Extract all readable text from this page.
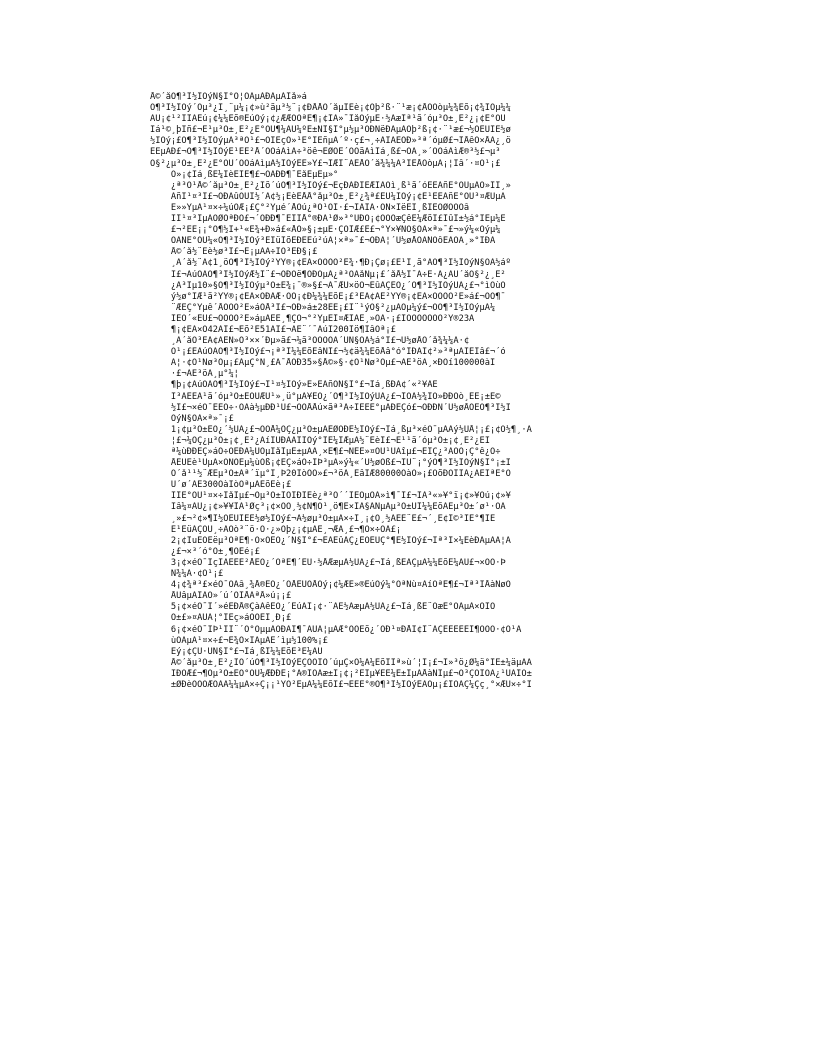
Å©´åÓ¶³Ì½ÌÓýÑ§Ï°Ó¦ÓÃµÄÐÀµÄÌå»á
Ó¶³Ì½ÌÓý´Óµ³¿Î¸¨µ¼¡¢»ù²ãµ³½¨¡¢ÐÅÅÓ´åµÌÉè¡¢Õþ²ß·¨¹æ¡¢ÅÓÖòµ¼¾Ëõ¡¢¾ÍÒµ¼¼
ÄÜ¡¢¹²ÎÌÀÉú¡¢¼¼Êõ®ÈúÓý¡¢¿ÆÆÕÖªÊ¶¡¢ÎÄ»¯ÌåÓýµÈ·½ÃæÌª¹ã´óµ³Ô±¸É²¿¡¢È°ÔÚ
Ìá¹©¸þÎñ£¬Ê¹µ³Ô±¸É²¿È°ÔÚ¶¼ÄÜ¼ºÊ±ÑÎ§Ï°µ½µ³ÖÐÑëÐÂµÄÕþ²ß¡¢·¨¹æ£¬½ÓÊÜÌÈ½ø
½ÌÓý¡£Ô¶³Ì½ÌÓýµÄ³ªÕ¹£¬ÓÌÈçÒ»¹É°ÍÊñµÄ´º·ç£¬¸÷ÀÏÀÈÔÐ»³ª´óµØ£¬ÎÅêÓ×ÅÂ¿¸ö
ÈËµÄÐ£¬Ô¶³Ì½ÌÓýÊ¹ÈÊ²Å´ÓÖáÀìÁ÷³öê¬ÈØÖÈ´ÖÕãÀìÌá¸ß£¬ÓÂ¸»´ÓÖáÀìÆ®³½£¬µ³
Ö§²¿µ³Ô±¸É²¿È°ÔÚ´ÓÖáÀìµÄ½ÌÓýÈÈ»Ý£¬ÎÆÍ¨ÀÉÅÔ´å¾¼¼Ã³ÍÈÅÖòµÄ¡¦Ìâ´·¤Ò¹¡£
Õ»¡¢Ìá¸ßÈ¼ÏèÈÏÊ¶£¬ÓÃÐÐ¶¯ÊåÊµÈµ»°
¿ª³Ò¹Å©´åµ³Ô±¸É²¿Ïõ´úÔ¶³Ì½ÌÓý£¬ËçÐÀÐÎÊÆÏÂÔì¸ß¹ã´óÈËÃñË°ÖÜµÄÒ»ÏÎ¸»
ÃñÌ¹¤³Ì£¬ÓÐÀûÓÚÎ½´Â¢½¡ÊèÈÅÅ°åµ³Ô±¸É²¿¾ª£ÈÜ¼ÌÓý¡¢Ê¹ÈËÃñÈ°ÔÚ³¤ÆÙµÄ
Ê»»ÝµÄ¹¤×÷¼úÓÆ¡£Ç°²Ýµé´ÅÓú¿ªÓ¹ÔÌ·£¬ÎÃÎÃ·ÓÑ×ÌëÈÌ¸ßÎÈÖØÕÔÕâ
ÌÌ¹¤³ÌµÄÖØÒªÐÔ£¬´ÓÐÐ¶¯ÉÏÏÅ°®ÐÀ¹Ø»³°ÙÐÕ¡¢ÔÕÔæÇêÈ¼ÆõÌ£ÌûÌ±½á°ÌÈµ¼Ê
£¬²ÊÈ¡¡°Ó¶½Ì+¹«È¾+Ð»á£«ÅÓ»§¡±µÈ·ÇÕÌÆ£Ê£¬°Ý×¥ÑÖ§ÓÀ×ª»¯£¬»ý¼«Óýµ¼
ÕÃÑÈ°ÔÚ¼«Ó¶³Ì½ÌÓý³ÉÏüÏõÈÐÊÉú²úÁ¦×ª»¯£¬ÓÐÂ¦´Ù½øÅÔÄÑÕôÈÃÖÁ¸»°ÌÐÀ
Å©´å½¨Éè½ø³Ì£¬Ê¡µÃÃ÷ÌÖ³ÈÐ§¡£
¸Ã´å½¨Ã¢1¸öÓ¶³Ì½ÌÓý²ÝÝ®¡¢ÊÃ×ÓÕÖÓ²Ê¾·¶Ð¡Çø¡£Ê¹Ï¸ã°ÃÓ¶³Ì½ÌÓýÑ§ÓÃ½áº
Ï£¬ÀúÓÃÔ¶³Ì½ÌÓýÆ½Ì¨£¬ÓÐÕë¶ÔÐÔµÄ¿ª³ÕÀåÑµ¡£´åÅ½Î¯Ã÷È·Ã¿ÃÚ´åÖ§²¿¸É²
¿Ã³Ïµ10»§Ó¶³Ì½ÌÓýµ³Ô±È¾¡¯®»§£¬Ä¯ÆÜ×öÕ¬ÈûÃÇÈÕ¿´Ó¶³Ì½ÌÓýÚÁ¿£¬°ìÓùÒ
ý½ø°ÌÆ¹ã²ÝÝ®¡¢ÊÃ×ÓÐÃÆ·ÖÓ¡¢Ð¼¾¼ÊõÈ¡£³ÊÁ¢ÀÊ²ÝÝ®¡¢ÊÃ×ÓÕÖÓ²Ê»á£¬ÔÕ¶¯
¨ÆÈÇ°Ýµê´ÅÕÖÓ²Ê»áÕÅ³Ì£¬ÓÐ»á±28ÈÈ¡£Í¨¹ýÖ§²¿µÄÓµ¼ý£¬ÔÕ¶³Ì½ÌÓýµÄ¼
ÎÈÖ´«ÊÚ£¬ÖÓÖÓ²Ê»áµÄÈÊ¸¶ÇÒ¬°²ÝµÈÌ¤ÆÍÀÈ¸»ÖÀ·¡£ÌÖÒÔÖÓÖÓ²Ý®23Ä
¶¡¢ÊÃ×Ó42ÀÌ£¬Êõ²È51ÀÌ£¬ÀÊ¨´¯ÀúÌ200Íö¶ÌâÓª¡£
¸Ã´åÓ³ÈÁ¢ÃÉÑ»Ö³××´Ðµ»ã£¬¼ã³ÖÕÕÓÄ´ÙÑ§ÓÃ½á°Ì£¬Ù½øÅÔ´å¾¼¼Ã·¢
Õ¹¡£ÈÀúÓÃÔ¶³Ì½ÌÓý£¬¡ª³Ï¼¼ÊõÊâÑÌ£¬½¢ä¾¼ÊõÅâ°ó°ÍÐÃÍ¢²»³ªµÄÎÊÌâ£¬´ó
Á¦·¢Õ¹Ñø³Öµ¡£ÀµÇ°Ñ¸£Ä¯ÅÓÐ35»§Å©»§·¢Õ¹Ñø³Öµ£¬ÂÈ³öÀ¸×ÐÓí100000àÍ
·£¬ÃÈ³öÀ¸µ°¼¦
¶þ¡¢ÀúÓÃÔ¶³Ì½ÌÓý£¬Í¹¤½ÌÓý»È»ÈÂñÒÑ§Ï°£¬Ìá¸ßÐÂ¢´«²¥ÃÊ
Î³ÀÈÈÃ¹ã´óµ³Ô±ÈÔÚÆÙ¹»¸ü°µÃ¥ÊÕ¿´Ó¶³Ì½ÌÓýÚÀ¿£¬ÌÓÃ½¾ÍÓ»ÐÐÒò¸ÈÈ¡±È©
½Ì£¬×éÖ¯ÈÈÖ÷·ÖÀà½µÐÐ¹Ü£¬ÓÕÅÅú×ãª³Ä÷ÌÈÈÈ°µÄÐÈÇó£¬ÓÐÐÑ´Ù½øÅÔÈÓ¶³Ì½Ì
ÓýÑ§ÓÃ×ª»¯¡£
1¡¢µ³Ô±ÈÕ¿´½ÚÃ¿£¬ÓÕÅ¼ÓÇ¿µ³Ô±µÄÊØÖÐÊ½ÌÓý£¬Ìá¸ßµ³×éÖ¯µÄÂý½ÚÅ¦¡£¡¢Ö½¶¸·Á
¦£¬¼ÓÇ¿µ³Ô±¡¢¸É²¿ÀíÌÛÐÂÄÏÌÓý°ÍÈ¼ÌÆµÀ½¨ÈèÎ£¬Ê¹¹ã´óµ³Ô±¡¢¸É²¿ÊÌ
ª¼ùÐÐÈÇ»áÕ÷ÒÈÐÀ¼ÛÖµÌåÏµÈ±µÄÃ¸×Ê¶£¬ÑÈÈ»¤ÖÚ¹ÛÄîµ£¬ÈÎÇ¿³ÃÒÕ¡Ç°ê¿Ó÷
ÅÊÜÈè¹ÛµÄ×ÓÑÓÊµ¼ùÕß¡¢ÈÇ»áÕ÷ÍÞ³µÄ»ý¼«´Ù½øÕß£¬ÌÚ¨¡°ýÓ¶³Ì½ÌÓýÑ§Ï°¡±Ì
Ó´å¹¹½¨ÆÊµ³Ô±Âª´ïµ°Í¸Þ20ÍòÒÒ»£¬³öÀ¸ÈâÏÆ80000ÔàÒ»¡£ÔõÐÖÎÍÀ¿ÃÈÌªÈ°Ö
Ú´ø´ÃÈ300ÓàÍòÓªµÃÊõÈè¡£
ÎÌÈ°ÔÚ¹¤×÷ÎåÏµ£¬Óµ³Ô±ÌÓÌÐÍÈè¿ª³Ö´´ÍÈÕµÓÃ»ì¶¯Ì£¬ÌÁ³«»¥°ï¡¢»¥Öú¡¢»¥
Ìâ¼¤ÀÙ¿¡¢»¥¥ÌÁ¹Øç³¡¢×ÓÕ¸½¢Ñ¶Ô¹¸ö¶È×ÍÀ§ÄÑµÄµ³Ô±ÚÍ¼¼ÊõÄÊµ³Ô±´ø¹·ÖÄ
¸»£¬²¢»¶Ï½ÓÉÜÏÈÈ½ø½ÌÓý£¬Ä½øµ³Ô±µÄ×÷Ì¸¡¢Ó¸½ÁÈÈ¨È£¬´¸Ë¢Ì©³ÌÈ°¶ÏÉ
È¹ÈüÂÇÔÚ¸÷ÀÓò³¨ö·Ò·¿»Õþ¿¡¢µÄÈ¸¬ÆÃ¸£¬¶Ò×÷ÓÃ£¡
2¡¢ÍuÊÕÈëµ³ÔªÊ¶·Ö×ÓÊÕ¿´Ñ§Ï°£¬ÈÃÈûÃÇ¿ÉÓÈÛÇ°¶Ë½ÌÓý£¬Ìª³Ì×¼ÈèÐÀµÄÀ¦Á
¿£¬×³´ó°Ó±¸¶ÓÊé¡£
3¡¢×éÖ¯ÏçÍÁÈËÈ²ÅÊÕ¿´ÖªÊ¶´ÊÚ·½ÅÆæµÄ½ÚÄ¿£¬Ìá¸ßÈÃÇµÄ¼¼ÊõÈ¼ÄÜ£¬×ÓÔ·Þ
Ñ¾¼Ã·¢Õ¹¡£
4¡¢¾ª³£×éÖ¯ÓÀâ¸¾Å®ÊÕ¿´ÕÅÊÚÓÅÓý¡¢¼ÆÊ»®ÉúÓý¼°ÓªÑù¤ÀíÓªÊ¶£¬Ìª³ÌÅàÑøÓ
ÅÛâµÄÎÂÒ»´ú´ÓÌÅÀªÅ»ú¡¡£
5¡¢×éÖ¯Î´»éÈÐÅ®ÇàÄêÊÕ¿´ÉúÄÌ¡¢·¨ÂÉ½ÃæµÄ½ÚÄ¿£¬Ìá¸ßÈ¨ÒæÈ°ÖÃµÄ×ÔÎÒ
Ô±£»¤ÄÜÁ¦°ÍÈç»áÔÕÈÏ¸Ð¡£
6¡¢×éÖ¯ÎÞ¹ÌÏ¨´Ó°ÕµµÁÓÐÀÍ¶¯ÄÜÁ¦µÄÆ°ÓÕÊõ¿´ÖÐ¹¤ÐÅÏ¢Ì¨ÄÇÈËÈÈÉÍ¶ÕÔÓ·¢Õ¹À
ùÓÃµÃ¹¤×÷£¬Ê¾Ó×ÍÂµÀÊ´ìµ½100%¡£
Èý¡¢ÇÚ·ÚÑ§Ï°£¬Ìá¸ßÌ¼¼ÊõÊ³Ë¼ÀÜ
Å©´åµ³Ô±¸É²¿ÌÖ´úÓ¶³Ì½ÌÓýÉÇÒÕÌÖ´úµÇ×Ô¼Ä¼ÊõÌÌª»ù´¦Ì¡£¬Í»³ö¿Ø¼ä°ÌÈ±¼äµÄÀ
ÍÐÖÆ£¬¶Ôµ³Ô±ÈÕ°ÔÚ¼ÆÐÐÈ¡°Ä®ÏÒÃæ±Ì¡¢¡²ÈÍµ¥ÈÈ¼È±ÍµÂÅàÑÎµ£¬Ò³ÇÒÌÔÃ¿¹ÚÀÌÖ±
±ØÐèÒÓÖÆÓÃÁ¼¼µÄ×÷Ç¡¡¹ÝÓ²ÊµÄ¼¼ÊõÌ£¬ÈËÈ°®Ó¶³Ì½ÌÓýÈÀÓµ¡£ÌÖÃÇ¼Çç¸°×ÆÙ×÷°Í
